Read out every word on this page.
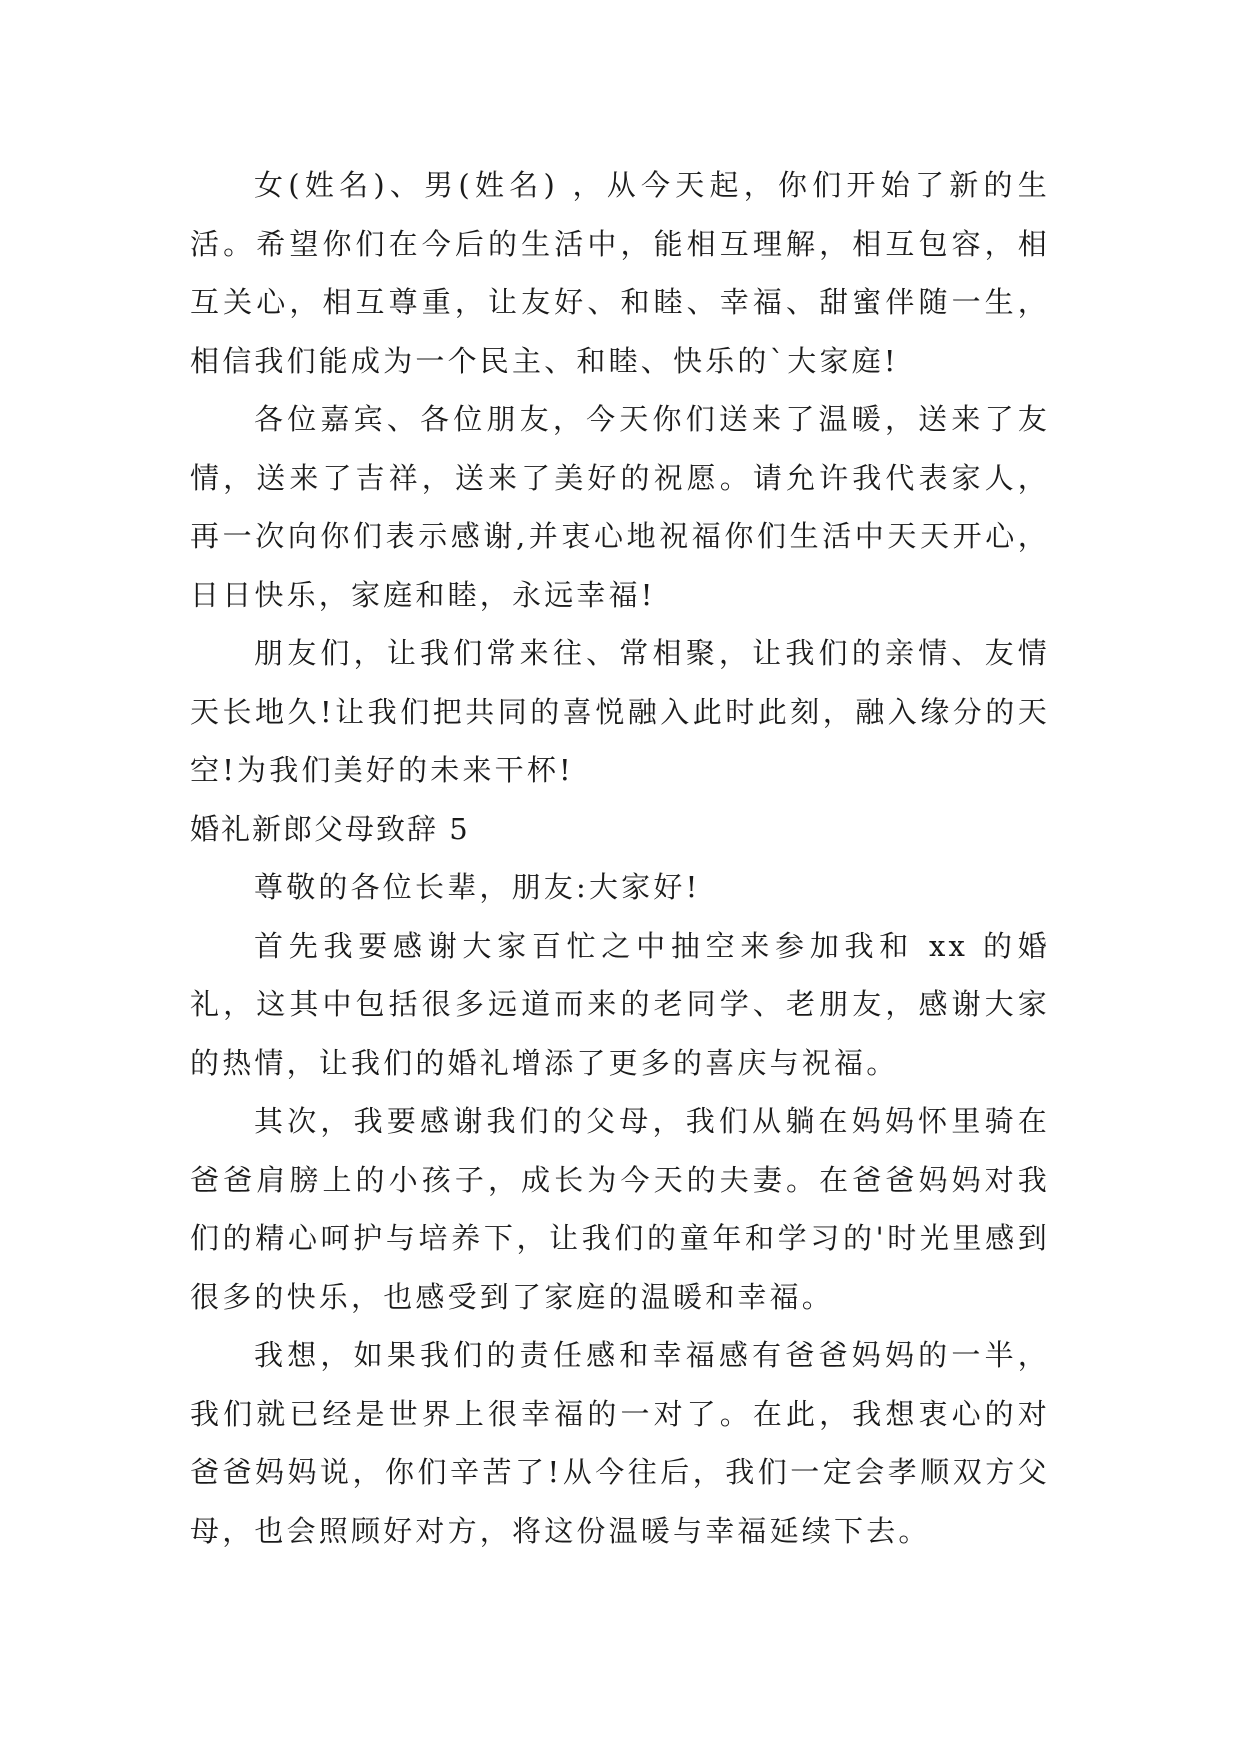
女(姓名)、男(姓名) ，从今天起，你们开始了新的生活。希望你们在今后的生活中，能相互理解，相互包容，相互关心，相互尊重，让友好、和睦、幸福、甜蜜伴随一生，相信我们能成为一个民主、和睦、快乐的`大家庭!

各位嘉宾、各位朋友，今天你们送来了温暖，送来了友情，送来了吉祥，送来了美好的祝愿。请允许我代表家人，再一次向你们表示感谢,并衷心地祝福你们生活中天天开心，日日快乐，家庭和睦，永远幸福!

朋友们，让我们常来往、常相聚，让我们的亲情、友情天长地久!让我们把共同的喜悦融入此时此刻，融入缘分的天空!为我们美好的未来干杯!

婚礼新郎父母致辞 5

尊敬的各位长辈，朋友:大家好!

首先我要感谢大家百忙之中抽空来参加我和 xx 的婚礼，这其中包括很多远道而来的老同学、老朋友，感谢大家的热情，让我们的婚礼增添了更多的喜庆与祝福。

其次，我要感谢我们的父母，我们从躺在妈妈怀里骑在爸爸肩膀上的小孩子，成长为今天的夫妻。在爸爸妈妈对我们的精心呵护与培养下，让我们的童年和学习的'时光里感到很多的快乐，也感受到了家庭的温暖和幸福。

我想，如果我们的责任感和幸福感有爸爸妈妈的一半，我们就已经是世界上很幸福的一对了。在此，我想衷心的对爸爸妈妈说，你们辛苦了!从今往后，我们一定会孝顺双方父母，也会照顾好对方，将这份温暖与幸福延续下去。
